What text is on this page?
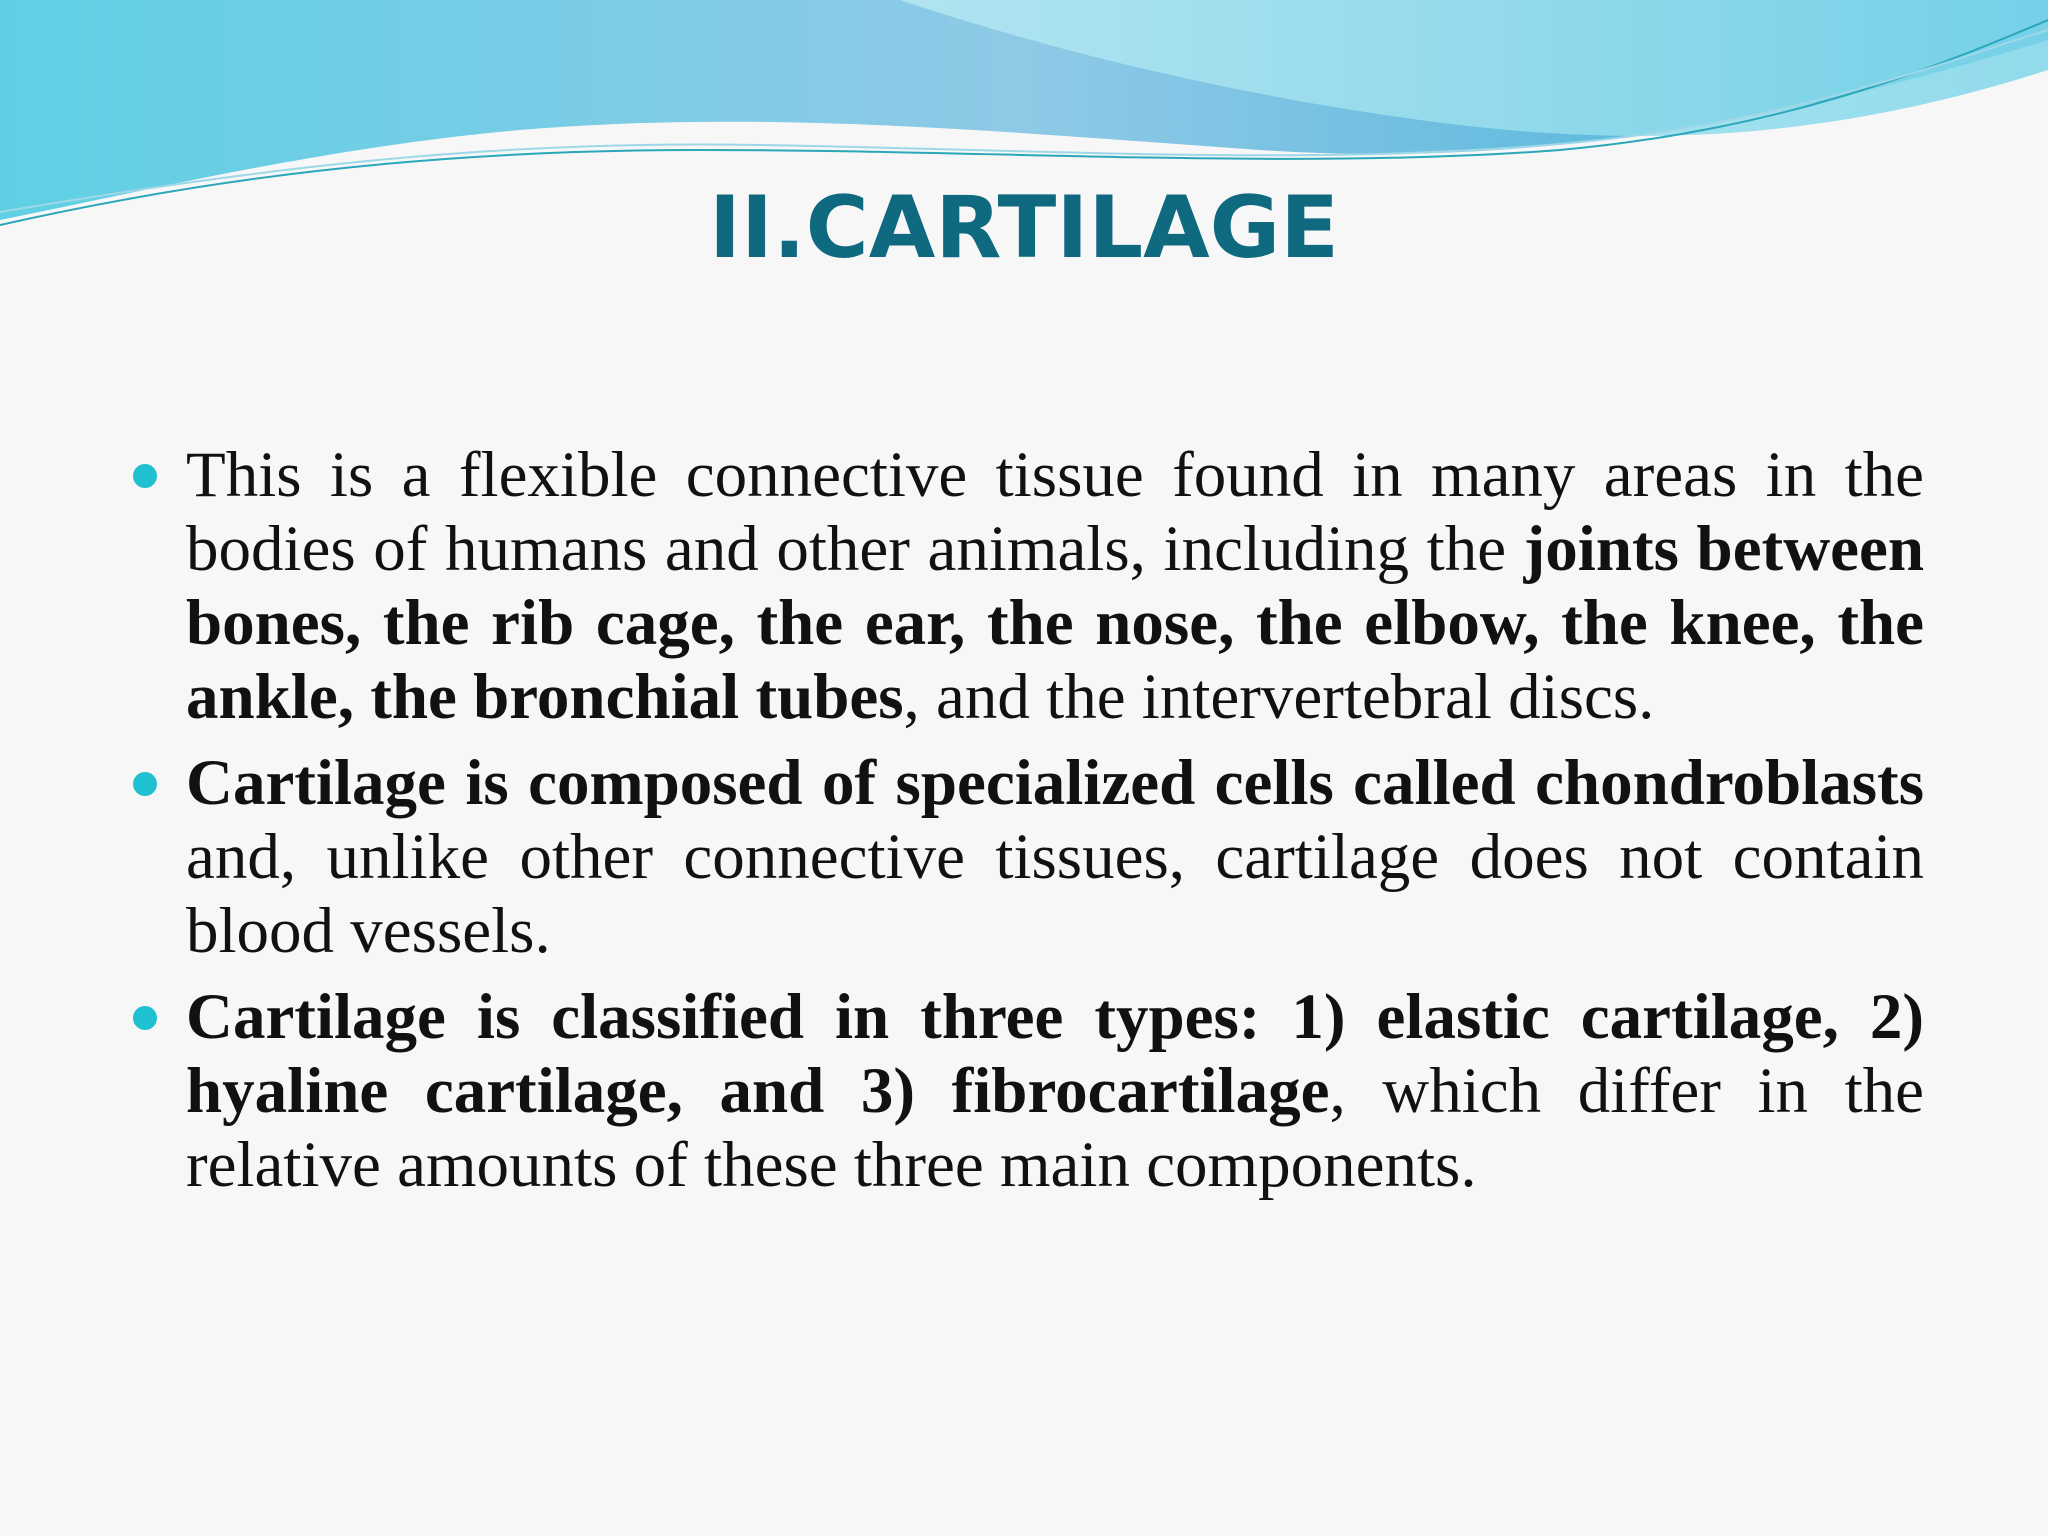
II.CARTILAGE
This is a flexible connective tissue found in many areas in the bodies of humans and other animals, including the joints between bones, the rib cage, the ear, the nose, the elbow, the knee, the ankle, the bronchial tubes, and the intervertebral discs.
Cartilage is composed of specialized cells called chondroblasts and, unlike other connective tissues, cartilage does not contain blood vessels.
Cartilage is classified in three types: 1) elastic cartilage, 2) hyaline cartilage, and 3) fibrocartilage, which differ in the relative amounts of these three main components.
